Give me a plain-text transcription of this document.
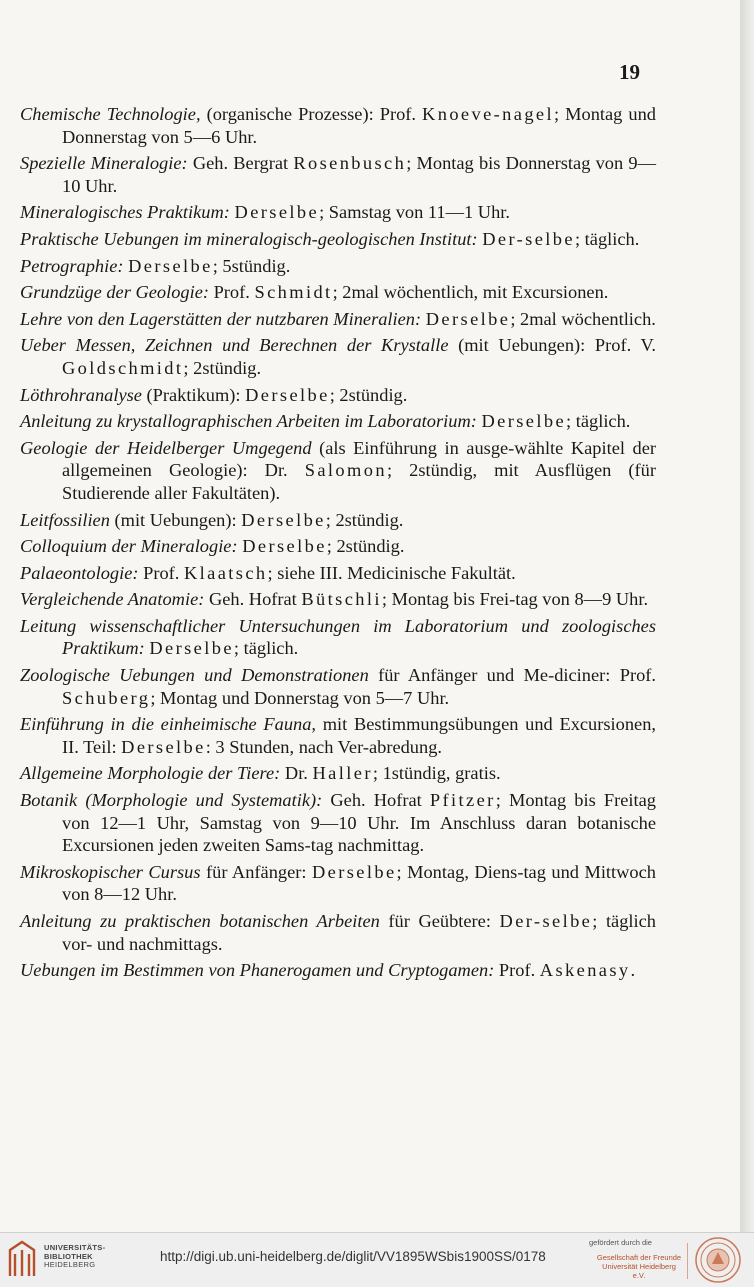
19
Chemische Technologie, (organische Prozesse): Prof. Knoeve-nagel; Montag und Donnerstag von 5—6 Uhr.
Spezielle Mineralogie: Geh. Bergrat Rosenbusch; Montag bis Donnerstag von 9—10 Uhr.
Mineralogisches Praktikum: Derselbe; Samstag von 11—1 Uhr.
Praktische Uebungen im mineralogisch-geologischen Institut: Der-selbe; täglich.
Petrographie: Derselbe; 5stündig.
Grundzüge der Geologie: Prof. Schmidt; 2mal wöchentlich, mit Excursionen.
Lehre von den Lagerstätten der nutzbaren Mineralien: Derselbe; 2mal wöchentlich.
Ueber Messen, Zeichnen und Berechnen der Krystalle (mit Uebungen): Prof. V. Goldschmidt; 2stündig.
Löthrohranalyse (Praktikum): Derselbe; 2stündig.
Anleitung zu krystallographischen Arbeiten im Laboratorium: Derselbe; täglich.
Geologie der Heidelberger Umgegend (als Einführung in ausge-wählte Kapitel der allgemeinen Geologie): Dr. Salomon; 2stündig, mit Ausflügen (für Studierende aller Fakultäten).
Leitfossilien (mit Uebungen): Derselbe; 2stündig.
Colloquium der Mineralogie: Derselbe; 2stündig.
Palaeontologie: Prof. Klaatsch; siehe III. Medicinische Fakultät.
Vergleichende Anatomie: Geh. Hofrat Bütschli; Montag bis Frei-tag von 8—9 Uhr.
Leitung wissenschaftlicher Untersuchungen im Laboratorium und zoologisches Praktikum: Derselbe; täglich.
Zoologische Uebungen und Demonstrationen für Anfänger und Me-diciner: Prof. Schuberg; Montag und Donnerstag von 5—7 Uhr.
Einführung in die einheimische Fauna, mit Bestimmungsübungen und Excursionen, II. Teil: Derselbe: 3 Stunden, nach Ver-abredung.
Allgemeine Morphologie der Tiere: Dr. Haller; 1stündig, gratis.
Botanik (Morphologie und Systematik): Geh. Hofrat Pfitzer; Montag bis Freitag von 12—1 Uhr, Samstag von 9—10 Uhr. Im Anschluss daran botanische Excursionen jeden zweiten Sams-tag nachmittag.
Mikroskopischer Cursus für Anfänger: Derselbe; Montag, Diens-tag und Mittwoch von 8—12 Uhr.
Anleitung zu praktischen botanischen Arbeiten für Geübtere: Der-selbe; täglich vor- und nachmittags.
Uebungen im Bestimmen von Phanerogamen und Cryptogamen: Prof. Askenasy.
UNIVERSITÄTS-
BIBLIOTHEK
HEIDELBERG
http://digi.ub.uni-heidelberg.de/diglit/VV1895WSbis1900SS/0178
gefördert durch die
Gesellschaft der Freunde
Universität Heidelberg e.V.
